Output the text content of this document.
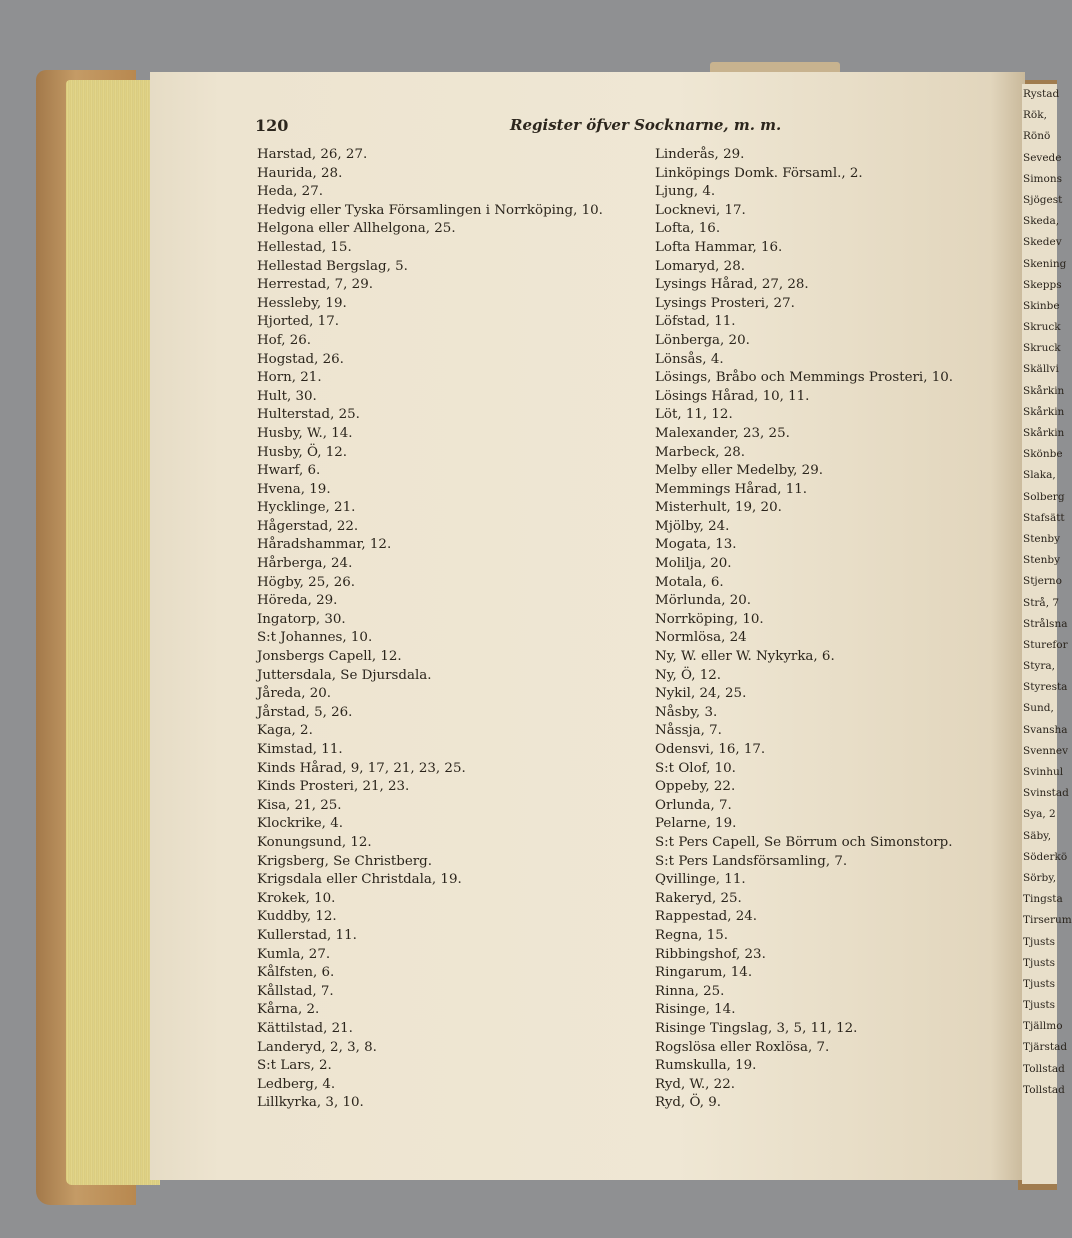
Rystad
Rök,
Rönö
Sevede
Simons
Sjögest
Skeda,
Skedev
Skening
Skepps
Skinbe
Skruck
Skruck
Skällvi
Skårkin
Skårkin
Skårkin
Skönbe
Slaka,
Solberg
Stafsätt
Stenby
Stenby
Stjerno
Strå, 7
Strålsna
Sturefor
Styra,
Styresta
Sund,
Svansha
Svennev
Svinhul
Svinstad
Sya, 2
Säby,
Söderkö
Sörby,
Tingsta
Tirserum
Tjusts
Tjusts
Tjusts
Tjusts
Tjällmo
Tjärstad
Tollstad
Tollstad
120	Register öfver Socknarne, m. m.
Harstad, 26, 27.
Haurida, 28.
Heda, 27.
Hedvig eller Tyska Församlingen i Norrköping, 10.
Helgona eller Allhelgona, 25.
Hellestad, 15.
Hellestad Bergslag, 5.
Herrestad, 7, 29.
Hessleby, 19.
Hjorted, 17.
Hof, 26.
Hogstad, 26.
Horn, 21.
Hult, 30.
Hulterstad, 25.
Husby, W., 14.
Husby, Ö, 12.
Hwarf, 6.
Hvena, 19.
Hycklinge, 21.
Hågerstad, 22.
Håradshammar, 12.
Hårberga, 24.
Högby, 25, 26.
Höreda, 29.
Ingatorp, 30.
S:t Johannes, 10.
Jonsbergs Capell, 12.
Juttersdala, Se Djursdala.
Jåreda, 20.
Jårstad, 5, 26.
Kaga, 2.
Kimstad, 11.
Kinds Hårad, 9, 17, 21, 23, 25.
Kinds Prosteri, 21, 23.
Kisa, 21, 25.
Klockrike, 4.
Konungsund, 12.
Krigsberg, Se Christberg.
Krigsdala eller Christdala, 19.
Krokek, 10.
Kuddby, 12.
Kullerstad, 11.
Kumla, 27.
Kålfsten, 6.
Kållstad, 7.
Kårna, 2.
Kättilstad, 21.
Landeryd, 2, 3, 8.
S:t Lars, 2.
Ledberg, 4.
Lillkyrka, 3, 10.
Linderås, 29.
Linköpings Domk. Församl., 2.
Ljung, 4.
Locknevi, 17.
Lofta, 16.
Lofta Hammar, 16.
Lomaryd, 28.
Lysings Hårad, 27, 28.
Lysings Prosteri, 27.
Löfstad, 11.
Lönberga, 20.
Lönsås, 4.
Lösings, Bråbo och Memmings Prosteri, 10.
Lösings Hårad, 10, 11.
Löt, 11, 12.
Malexander, 23, 25.
Marbeck, 28.
Melby eller Medelby, 29.
Memmings Hårad, 11.
Misterhult, 19, 20.
Mjölby, 24.
Mogata, 13.
Molilja, 20.
Motala, 6.
Mörlunda, 20.
Norrköping, 10.
Normlösa, 24
Ny, W. eller W. Nykyrka, 6.
Ny, Ö, 12.
Nykil, 24, 25.
Nåsby, 3.
Nåssja, 7.
Odensvi, 16, 17.
S:t Olof, 10.
Oppeby, 22.
Orlunda, 7.
Pelarne, 19.
S:t Pers Capell, Se Börrum och Simonstorp.
S:t Pers Landsförsamling, 7.
Qvillinge, 11.
Rakeryd, 25.
Rappestad, 24.
Regna, 15.
Ribbingshof, 23.
Ringarum, 14.
Rinna, 25.
Risinge, 14.
Risinge Tingslag, 3, 5, 11, 12.
Rogslösa eller Roxlösa, 7.
Rumskulla, 19.
Ryd, W., 22.
Ryd, Ö, 9.
